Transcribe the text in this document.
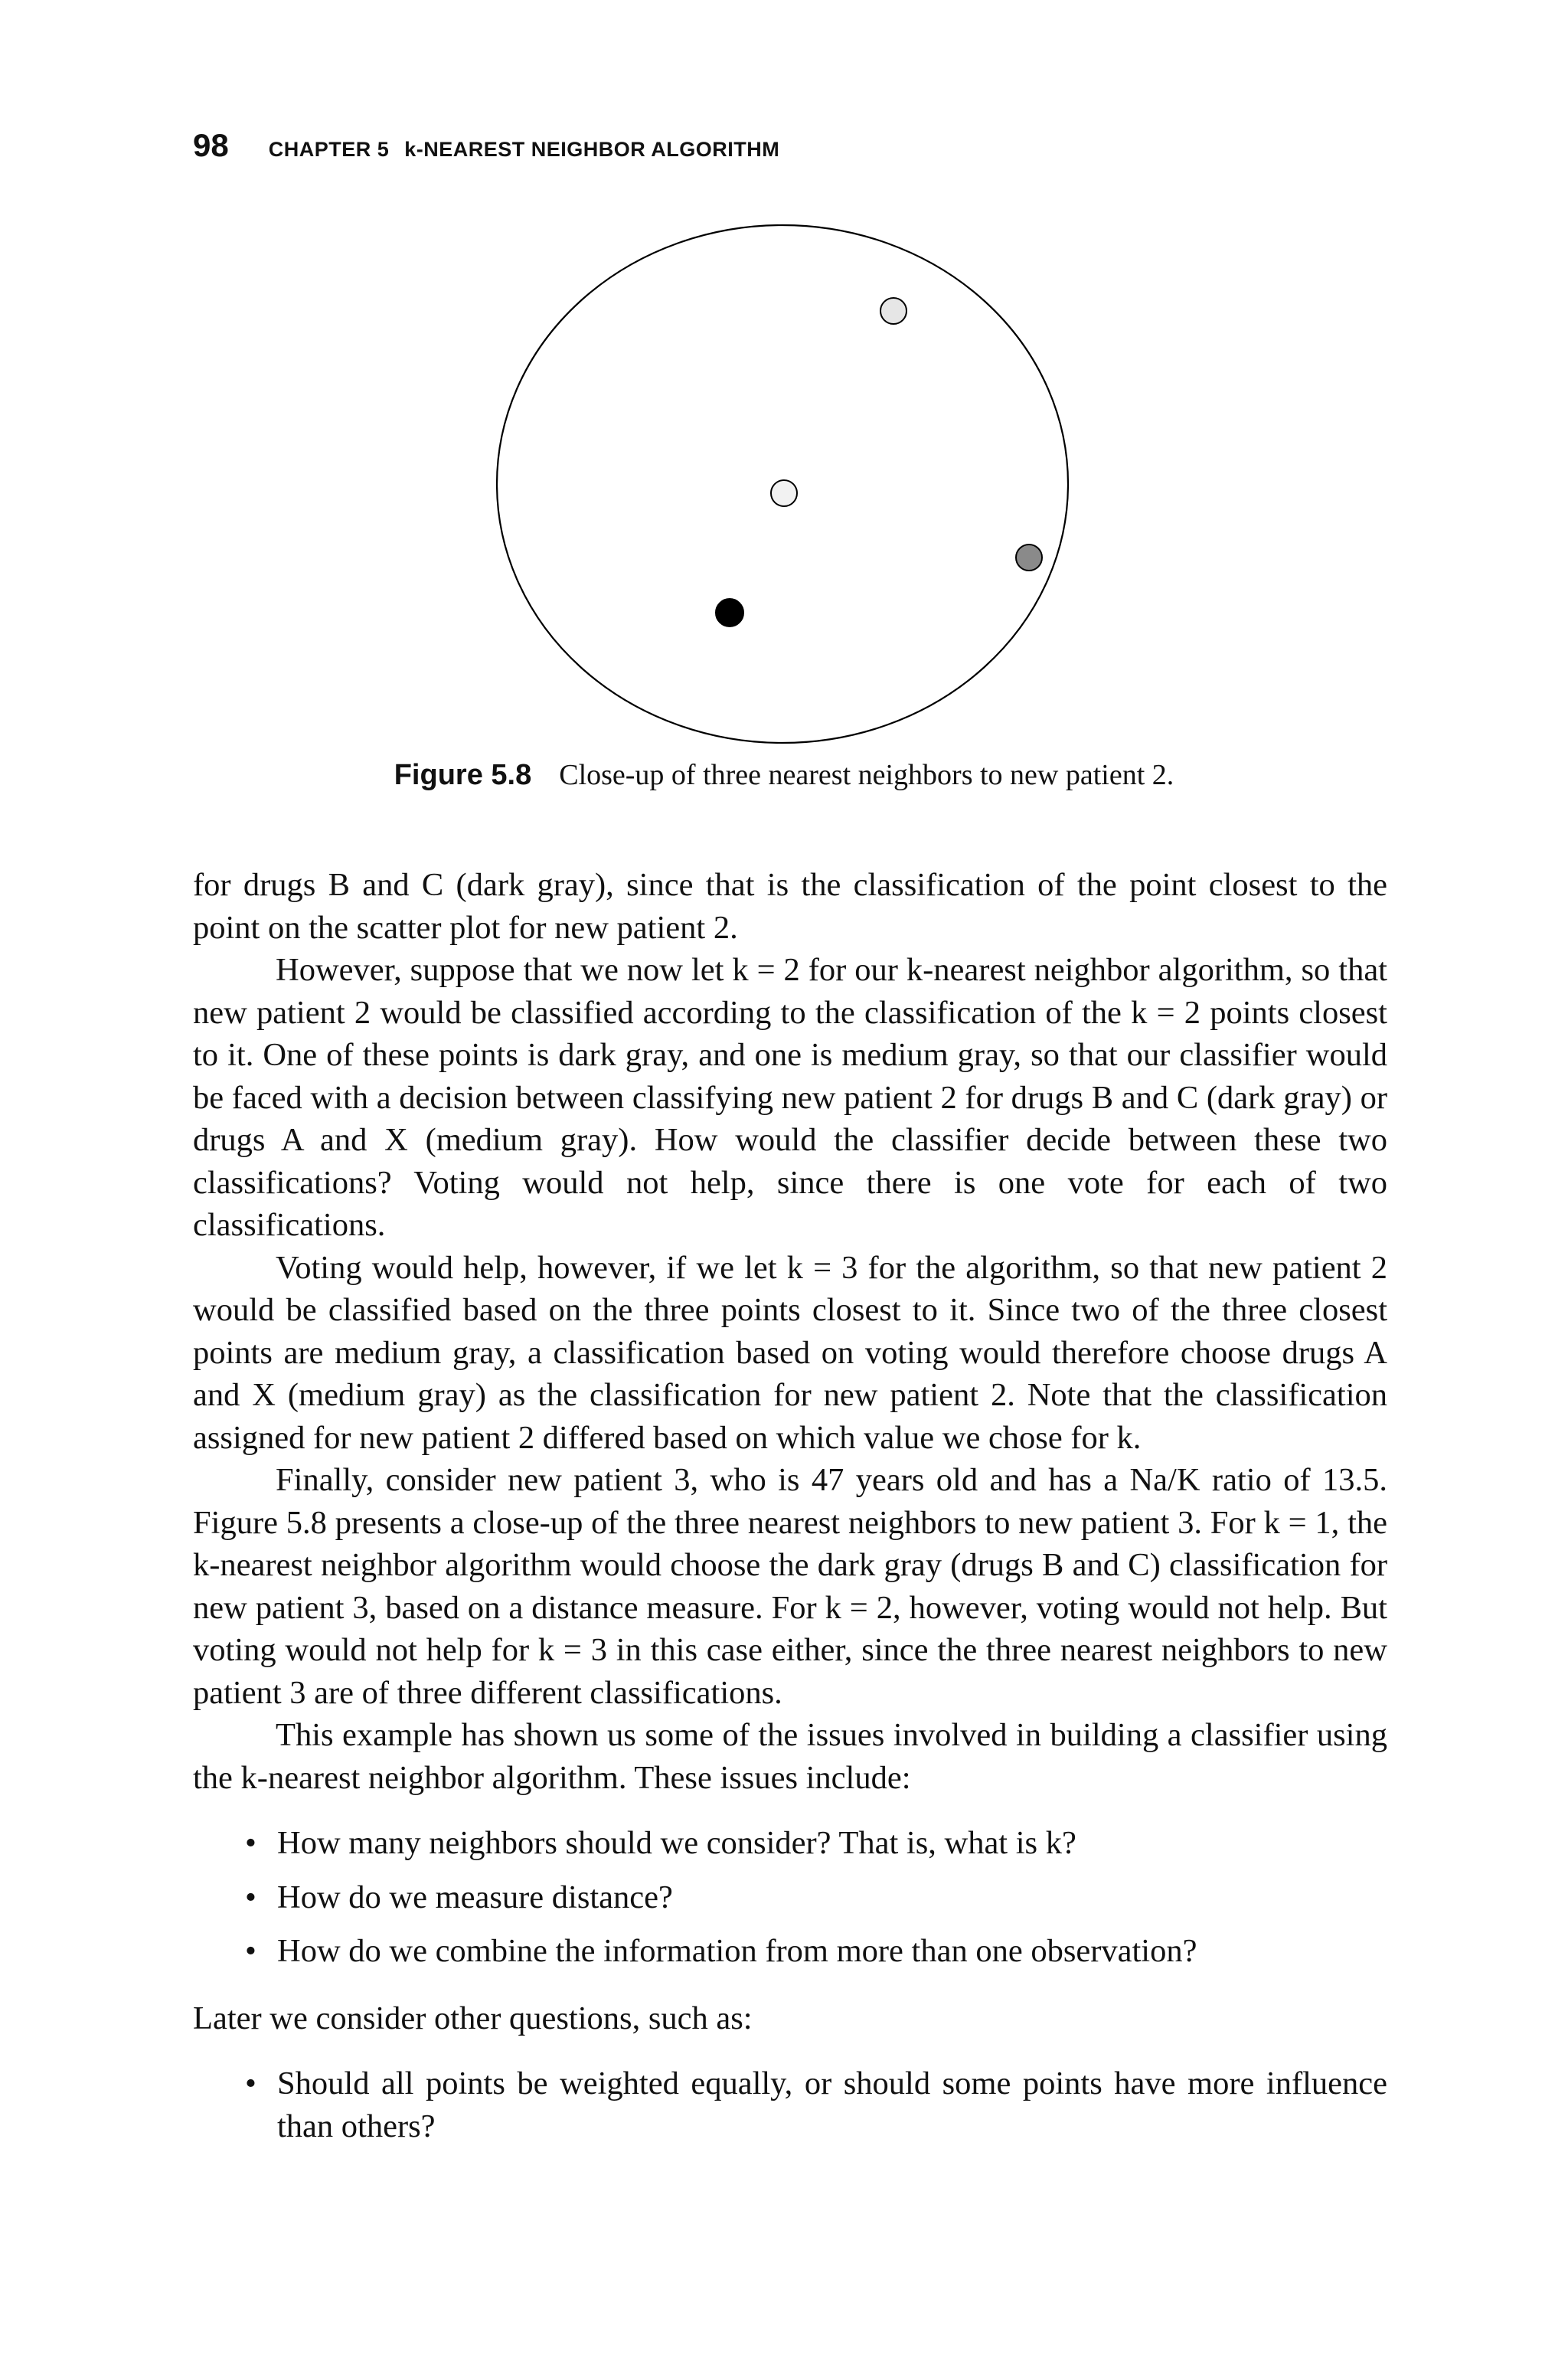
98 CHAPTER 5 k-NEAREST NEIGHBOR ALGORITHM
Figure 5.8 Close-up of three nearest neighbors to new patient 2.

for drugs B and C (dark gray), since that is the classification of the point closest to the point on the scatter plot for new patient 2.

However, suppose that we now let k = 2 for our k-nearest neighbor algorithm, so that new patient 2 would be classified according to the classification of the k = 2 points closest to it. One of these points is dark gray, and one is medium gray, so that our classifier would be faced with a decision between classifying new patient 2 for drugs B and C (dark gray) or drugs A and X (medium gray). How would the classifier decide between these two classifications? Voting would not help, since there is one vote for each of two classifications.

Voting would help, however, if we let k = 3 for the algorithm, so that new patient 2 would be classified based on the three points closest to it. Since two of the three closest points are medium gray, a classification based on voting would therefore choose drugs A and X (medium gray) as the classification for new patient 2. Note that the classification assigned for new patient 2 differed based on which value we chose for k.

Finally, consider new patient 3, who is 47 years old and has a Na/K ratio of 13.5. Figure 5.8 presents a close-up of the three nearest neighbors to new patient 3. For k = 1, the k-nearest neighbor algorithm would choose the dark gray (drugs B and C) classification for new patient 3, based on a distance measure. For k = 2, however, voting would not help. But voting would not help for k = 3 in this case either, since the three nearest neighbors to new patient 3 are of three different classifications.

This example has shown us some of the issues involved in building a classifier using the k-nearest neighbor algorithm. These issues include:

• How many neighbors should we consider? That is, what is k?
• How do we measure distance?
• How do we combine the information from more than one observation?

Later we consider other questions, such as:

• Should all points be weighted equally, or should some points have more influence than others?
